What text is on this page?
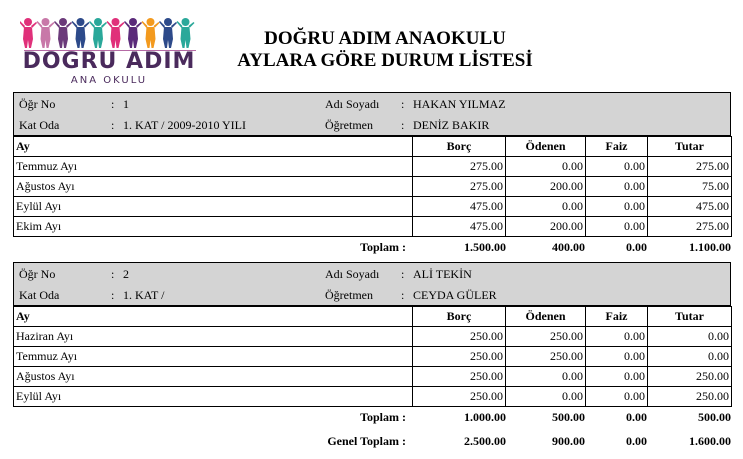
DOGRU ADIM
ANA OKULU
DOĞRU ADIM ANAOKULU
AYLARA GÖRE DURUM LİSTESİ
Öğr No	: 1
Kat Oda	: 1. KAT / 2009-2010 YILI
Adı Soyadı : HAKAN YILMAZ
Öğretmen : DENİZ BAKIR
Ay	Borç	Ödenen	Faiz	Tutar
Temmuz Ayı	275.00	0.00	0.00	275.00
Ağustos Ayı	275.00	200.00	0.00	75.00
Eylül Ayı	475.00	0.00	0.00	475.00
Ekim Ayı	475.00	200.00	0.00	275.00
Toplam :	1.500.00	400.00	0.00	1.100.00
Öğr No	: 2
Kat Oda	: 1. KAT /
Adı Soyadı : ALİ TEKİN
Öğretmen : CEYDA GÜLER
Ay	Borç	Ödenen	Faiz	Tutar
Haziran Ayı	250.00	250.00	0.00	0.00
Temmuz Ayı	250.00	250.00	0.00	0.00
Ağustos Ayı	250.00	0.00	0.00	250.00
Eylül Ayı	250.00	0.00	0.00	250.00
Toplam :	1.000.00	500.00	0.00	500.00
Genel Toplam :	2.500.00	900.00	0.00	1.600.00
